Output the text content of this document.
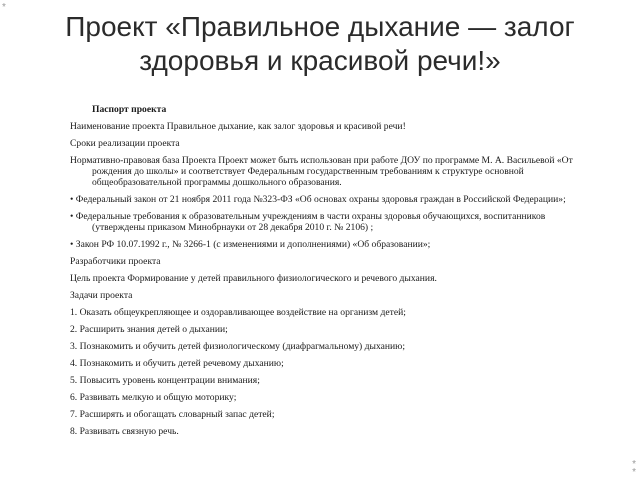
*
*
*
Проект «Правильное дыхание — залог здоровья и красивой речи!»

Паспорт проекта

Наименование проекта Правильное дыхание, как залог здоровья и красивой речи!

Сроки реализации проекта

Нормативно-правовая база Проекта Проект может быть использован при работе ДОУ по программе М. А. Васильевой «От
рождения до школы» и соответствует Федеральным государственным требованиям к структуре основной
общеобразовательной программы дошкольного образования.

• Федеральный закон от 21 ноября 2011 года №323-ФЗ «Об основах охраны здоровья граждан в Российской Федерации»;

• Федеральные требования к образовательным учреждениям в части охраны здоровья обучающихся, воспитанников
(утверждены приказом Минобрнауки от 28 декабря 2010 г. № 2106) ;

• Закон РФ 10.07.1992 г., № 3266-1 (с изменениями и дополнениями) «Об образовании»;

Разработчики проекта

Цель проекта Формирование у детей правильного физиологического и речевого дыхания.

Задачи проекта

1. Оказать общеукрепляющее и оздоравливающее воздействие на организм детей;

2. Расширить знания детей о дыхании;

3. Познакомить и обучить детей физиологическому (диафрагмальному) дыханию;

4. Познакомить и обучить детей речевому дыханию;

5. Повысить уровень концентрации внимания;

6. Развивать мелкую и общую моторику;

7. Расширять и обогащать словарный запас детей;

8. Развивать связную речь.
